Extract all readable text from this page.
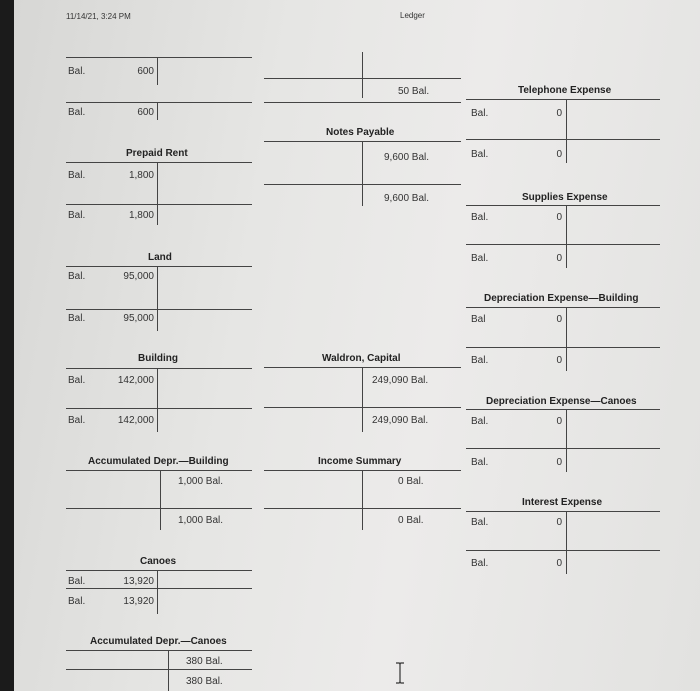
11/14/21, 3:24 PM	Ledger
Bal.	600
Bal.	600
50 Bal.
Notes Payable
9,600 Bal.
9,600 Bal.
Prepaid Rent
Bal.	1,800
Bal.	1,800
Land
Bal.	95,000
Bal.	95,000
Building
Bal.	142,000
Bal.	142,000
Accumulated Depr.—Building
1,000 Bal.
1,000 Bal.
Canoes
Bal.	13,920
Bal.	13,920
Accumulated Depr.—Canoes
380 Bal.
380 Bal.
Waldron, Capital
249,090 Bal.
249,090 Bal.
Income Summary
0 Bal.
0 Bal.
Telephone Expense
Bal.	0
Bal.	0
Supplies Expense
Bal.	0
Bal.	0
Depreciation Expense—Building
Bal	0
Bal.	0
Depreciation Expense—Canoes
Bal.	0
Bal.	0
Interest Expense
Bal.	0
Bal.	0
